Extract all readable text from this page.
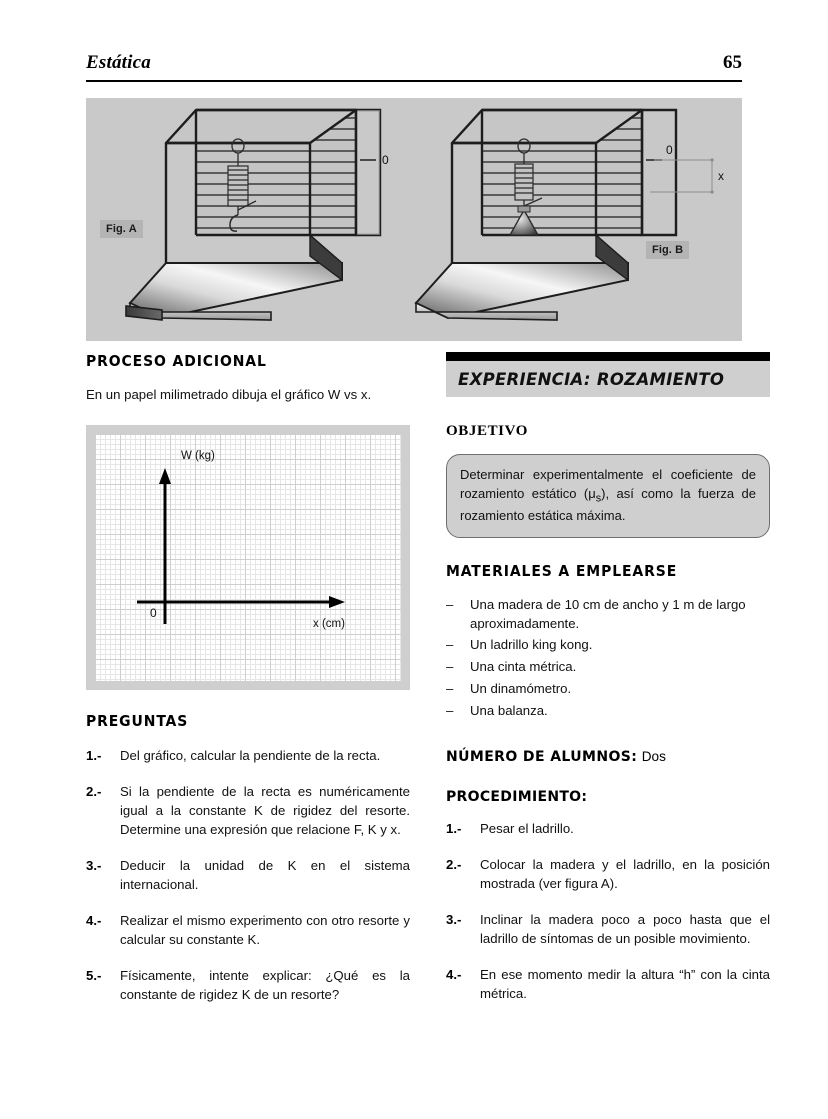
Estática	65
0
Fig. A
0
x
Fig. B
PROCESO ADICIONAL

En un papel milimetrado dibuja el gráfico W vs x.

W (kg)
x (cm)
0
PREGUNTAS
1.-	Del gráfico, calcular la pendiente de la recta.
2.-	Si la pendiente de la recta es numéricamente igual a la constante K de rigidez del resorte. Determine una expresión que relacione F, K y x.
3.-	Deducir la unidad de K en el sistema internacional.
4.-	Realizar el mismo experimento con otro resorte y calcular su constante K.
5.-	Físicamente, intente explicar: ¿Qué es la constante de rigidez K de un resorte?
EXPERIENCIA: ROZAMIENTO
OBJETIVO
Determinar experimentalmente el coeficiente de rozamiento estático $(\mu_s)$, así como la fuerza de rozamiento estática máxima.
MATERIALES A EMPLEARSE
–	Una madera de 10 cm de ancho y 1 m de largo aproximadamente.
–	Un ladrillo king kong.
–	Una cinta métrica.
–	Un dinamómetro.
–	Una balanza.

NÚMERO DE ALUMNOS: Dos

PROCEDIMIENTO:
1.-	Pesar el ladrillo.
2.-	Colocar la madera y el ladrillo, en la posición mostrada (ver figura A).
3.-	Inclinar la madera poco a poco hasta que el ladrillo de síntomas de un posible movimiento.
4.-	En ese momento medir la altura “h” con la cinta métrica.
